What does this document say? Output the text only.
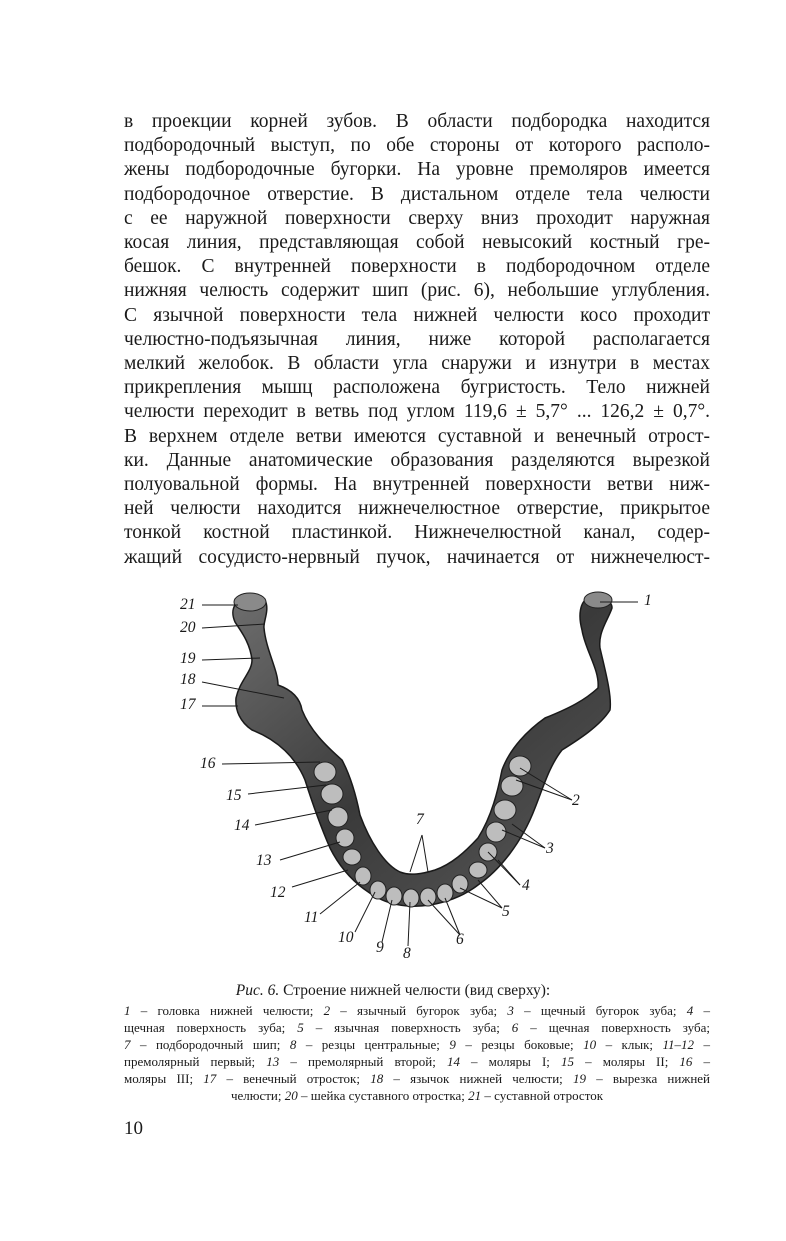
в проекции корней зубов. В области подбородка находится
подбородочный выступ, по обе стороны от которого располо-
жены подбородочные бугорки. На уровне премоляров имеется
подбородочное отверстие. В дистальном отделе тела челюсти
с ее наружной поверхности сверху вниз проходит наружная
косая линия, представляющая собой невысокий костный гре-
бешок. С внутренней поверхности в подбородочном отделе
нижняя челюсть содержит шип (рис. 6), небольшие углубления.
С язычной поверхности тела нижней челюсти косо проходит
челюстно-подъязычная линия, ниже которой располагается
мелкий желобок. В области угла снаружи и изнутри в местах
прикрепления мышц расположена бугристость. Тело нижней
челюсти переходит в ветвь под углом 119,6 ± 5,7° ... 126,2 ± 0,7°.
В верхнем отделе ветви имеются суставной и венечный отрост-
ки. Данные анатомические образования разделяются вырезкой
полуовальной формы. На внутренней поверхности ветви ниж-
ней челюсти находится нижнечелюстное отверстие, прикрытое
тонкой костной пластинкой. Нижнечелюстной канал, содер-
жащий сосудисто-нервный пучок, начинается от нижнечелюст-
21
20
19
18
17
16
15
14
13
12
11
10
9 8
6
5
4
3
2
7
1
Рис. 6. Строение нижней челюсти (вид сверху):
1 – головка нижней челюсти; 2 – язычный бугорок зуба; 3 – щечный бугорок зуба; 4 –
щечная поверхность зуба; 5 – язычная поверхность зуба; 6 – щечная поверхность зуба;
7 – подбородочный шип; 8 – резцы центральные; 9 – резцы боковые; 10 – клык; 11–12 –
премолярный первый; 13 – премолярный второй; 14 – моляры I; 15 – моляры II; 16 –
моляры III; 17 – венечный отросток; 18 – язычок нижней челюсти; 19 – вырезка нижней
челюсти; 20 – шейка суставного отростка; 21 – суставной отросток
10
